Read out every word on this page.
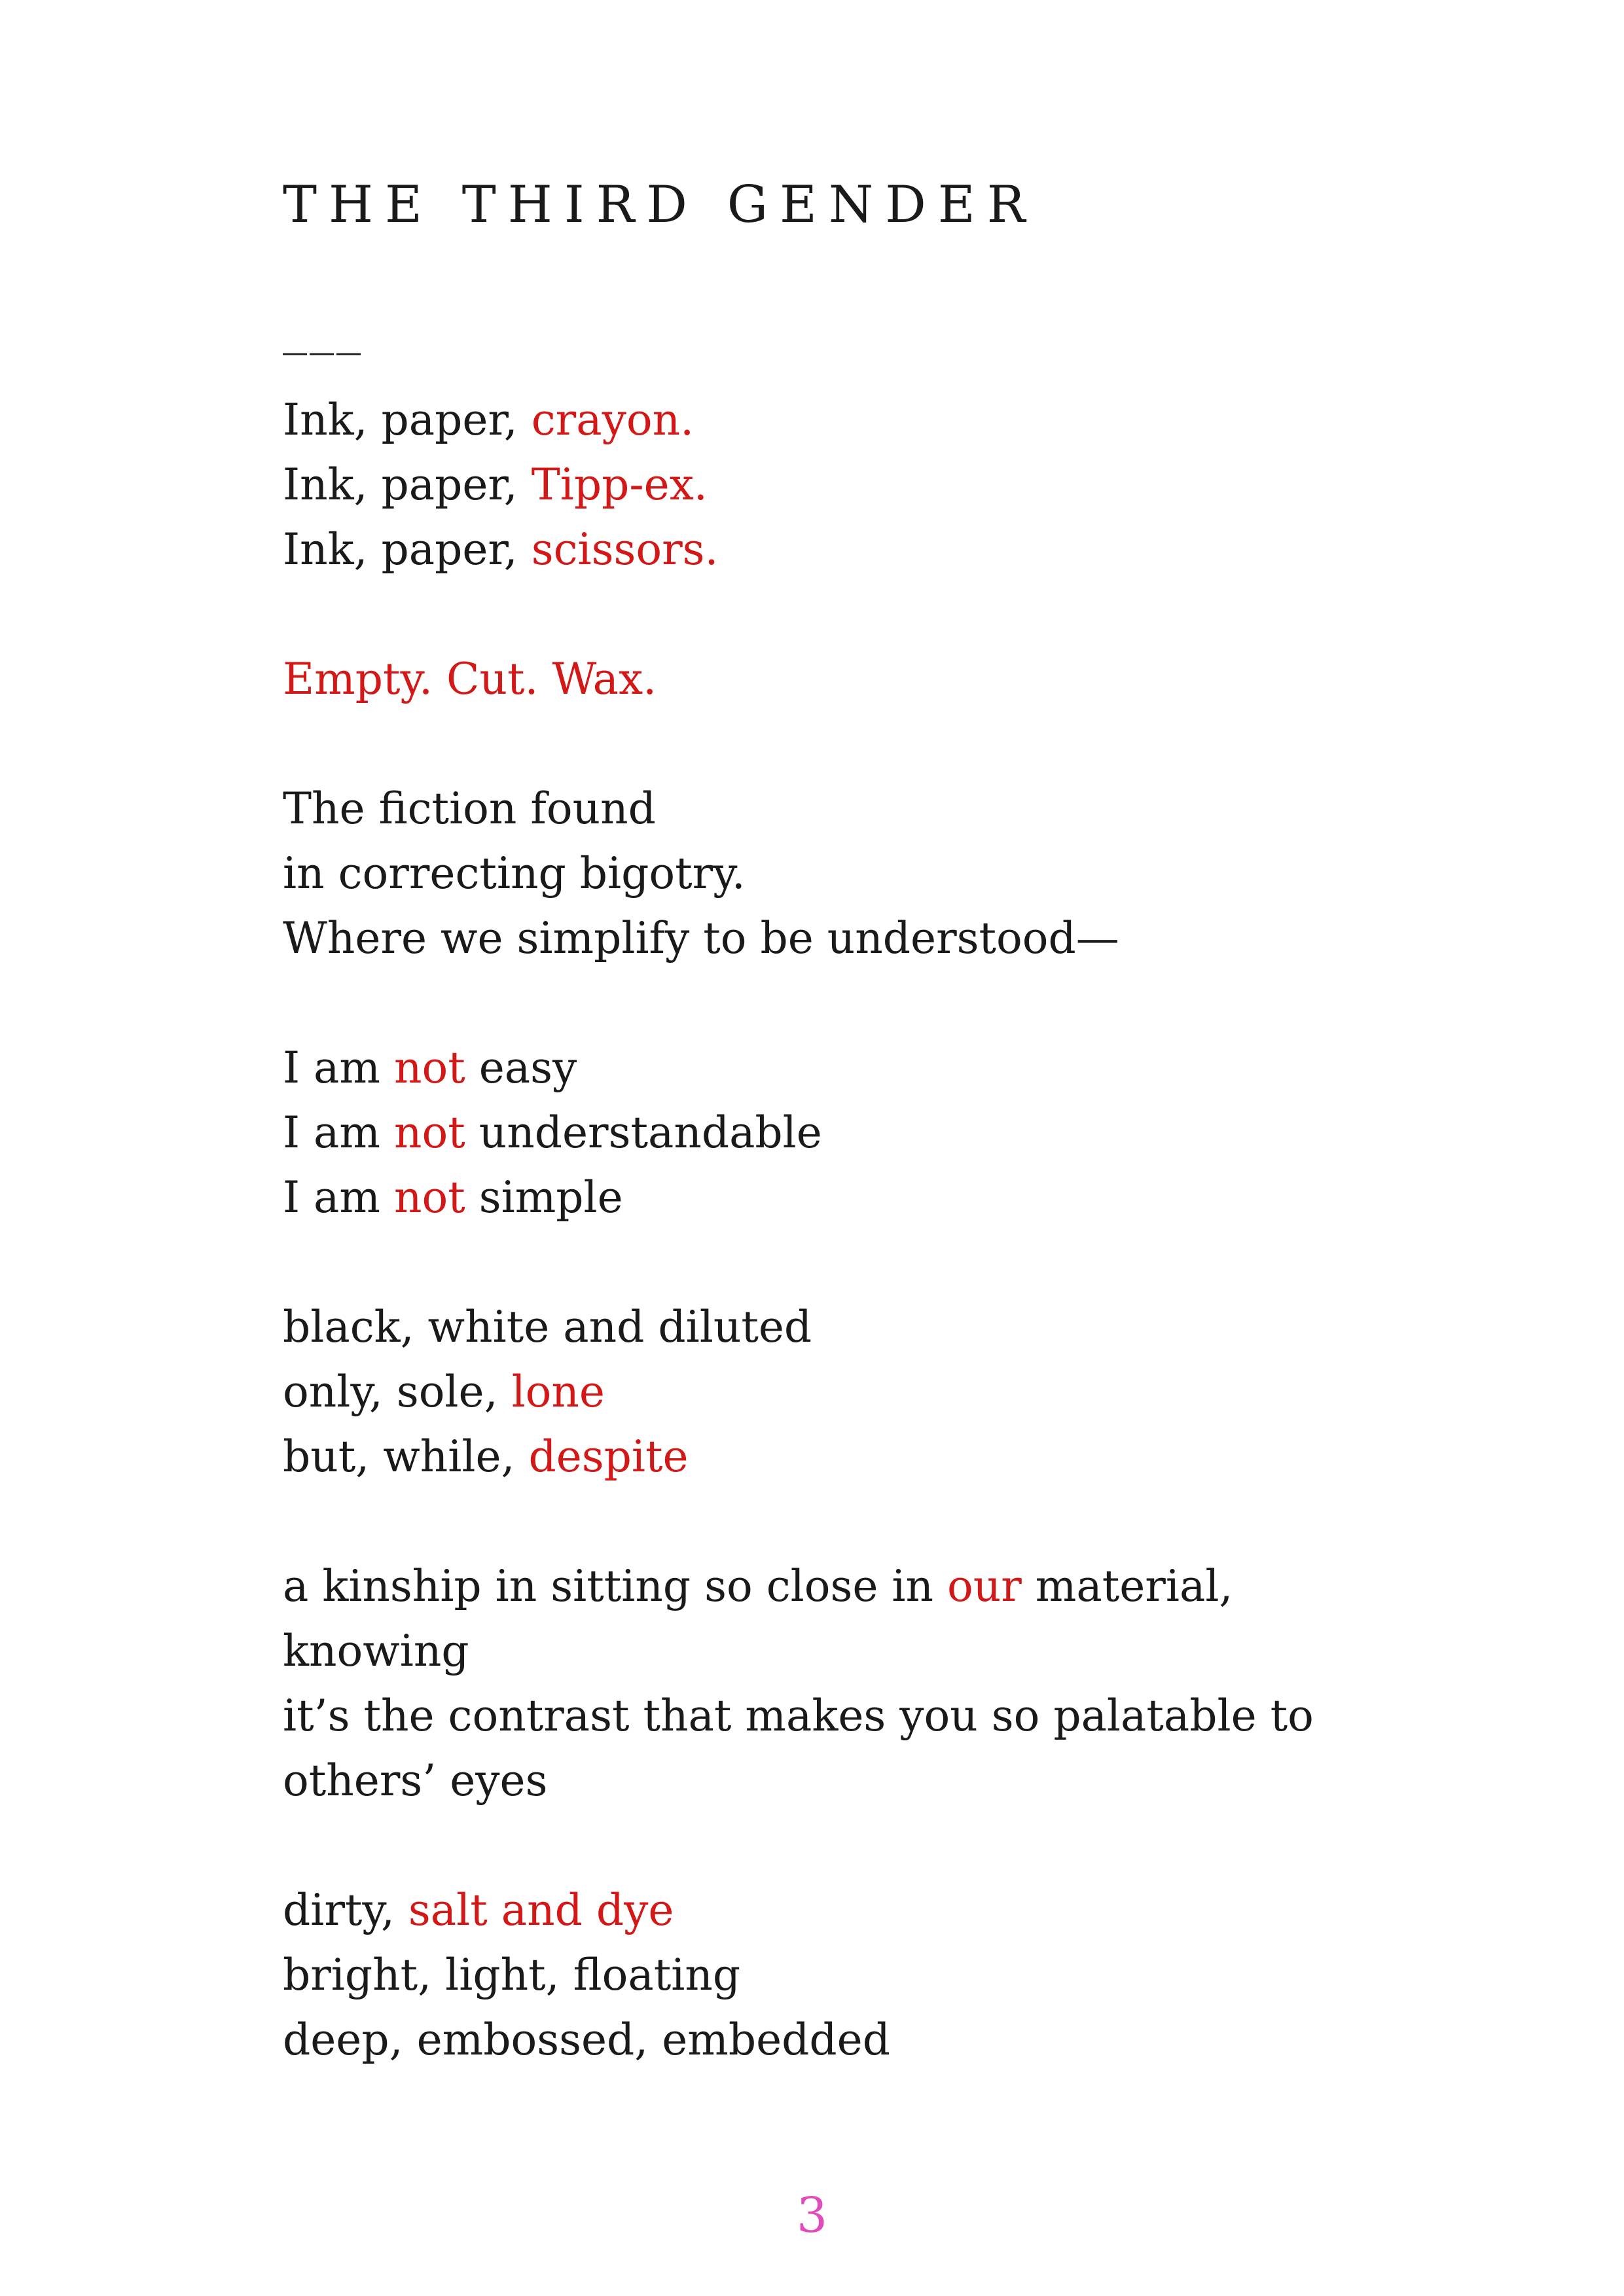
THE THIRD GENDER
___
Ink, paper, crayon.
Ink, paper, Tipp-ex.
Ink, paper, scissors.
Empty. Cut. Wax.
The fiction found
in correcting bigotry.
Where we simplify to be understood—
I am not easy
I am not understandable
I am not simple
black, white and diluted
only, sole, lone
but, while, despite
a kinship in sitting so close in our material,
knowing
it’s the contrast that makes you so palatable to
others’ eyes
dirty, salt and dye
bright, light, floating
deep, embossed, embedded
3
